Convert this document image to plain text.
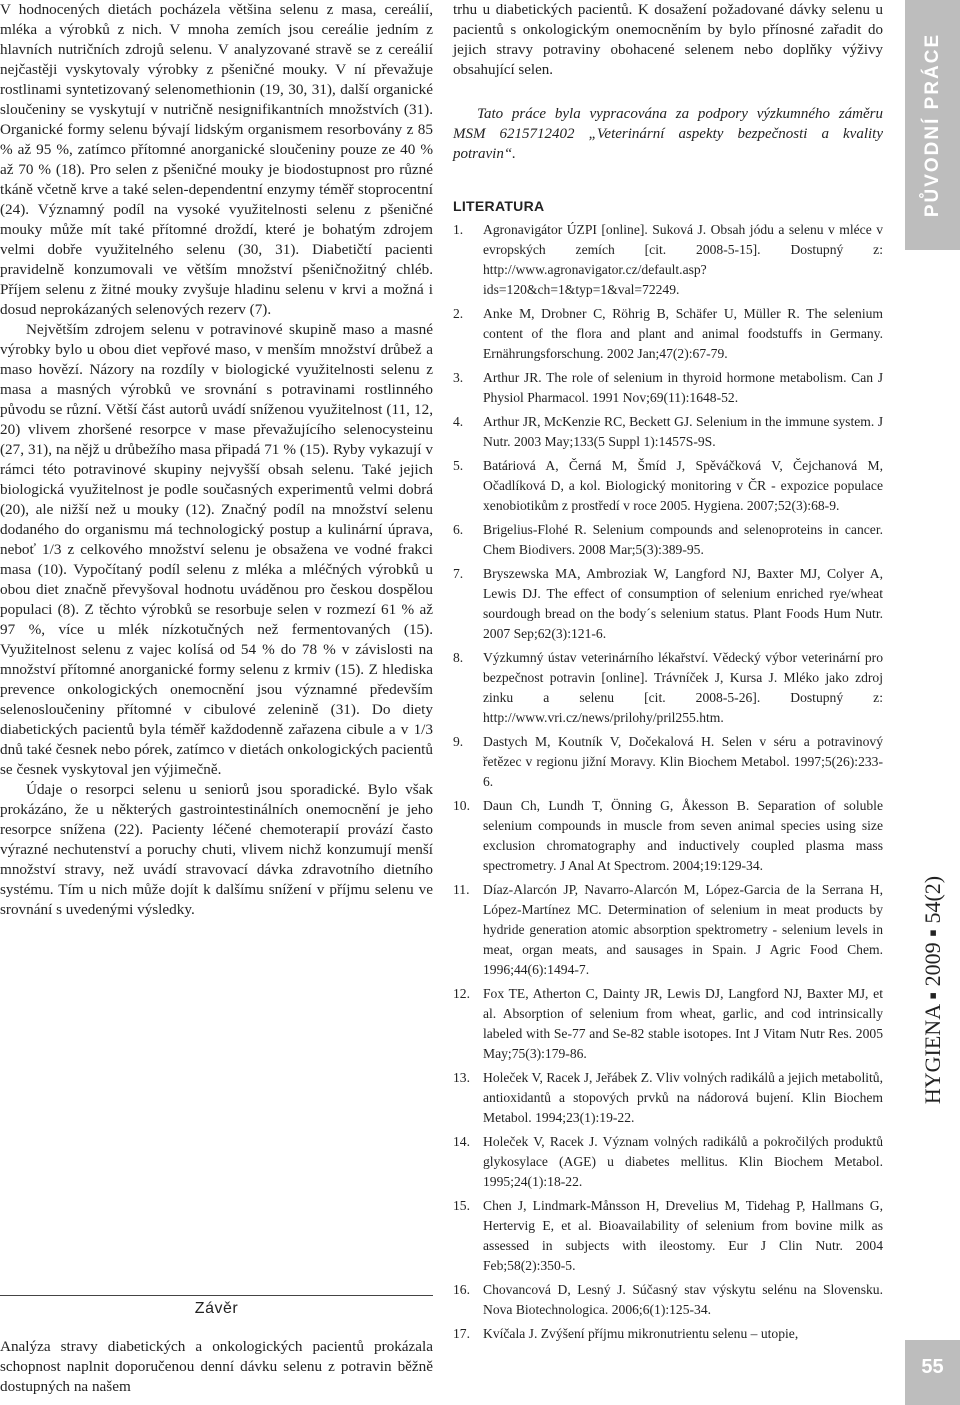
V hodnocených dietách pocházela většina selenu z masa, cereálií, mléka a výrobků z nich. V mnoha zemích jsou cereálie jedním z hlavních nutričních zdrojů selenu. V analyzované stravě se z cereálií nejčastěji vyskytovaly výrobky z pšeničné mouky. V ní převažuje rostlinami syntetizovaný selenomethionin (19, 30, 31), další organické sloučeniny se vyskytují v nutričně nesignifikantních množstvích (31). Organické formy selenu bývají lidským organismem resorbovány z 85 % až 95 %, zatímco přítomné anorganické sloučeniny pouze ze 40 % až 70 % (18). Pro selen z pšeničné mouky je biodostupnost pro různé tkáně včetně krve a také selen-dependentní enzymy téměř stoprocentní (24). Významný podíl na vysoké využitelnosti selenu z pšeničné mouky může mít také přítomné droždí, které je bohatým zdrojem velmi dobře využitelného selenu (30, 31). Diabetičtí pacienti pravidelně konzumovali ve větším množství pšeničnožitný chléb. Příjem selenu z žitné mouky zvyšuje hladinu selenu v krvi a možná i dosud neprokázaných selenových rezerv (7).

Největším zdrojem selenu v potravinové skupině maso a masné výrobky bylo u obou diet vepřové maso, v menším množství drůbež a maso hovězí. Názory na rozdíly v biologické využitelnosti selenu z masa a masných výrobků ve srovnání s potravinami rostlinného původu se různí. Větší část autorů uvádí sníženou využitelnost (11, 12, 20) vlivem zhoršené resorpce v mase převažujícího selenocysteinu (27, 31), na nějž u drůbežího masa připadá 71 % (15). Ryby vykazují v rámci této potravinové skupiny nejvyšší obsah selenu. Také jejich biologická využitelnost je podle současných experimentů velmi dobrá (20), ale nižší než u mouky (12). Značný podíl na množství selenu dodaného do organismu má technologický postup a kulinární úprava, neboť 1/3 z celkového množství selenu je obsažena ve vodné frakci masa (10). Vypočítaný podíl selenu z mléka a mléčných výrobků u obou diet značně převyšoval hodnotu uváděnou pro českou dospělou populaci (8). Z těchto výrobků se resorbuje selen v rozmezí 61 % až 97 %, více u mlék nízkotučných než fermentovaných (15). Využitelnost selenu z vajec kolísá od 54 % do 78 % v závislosti na množství přítomné anorganické formy selenu z krmiv (15). Z hlediska prevence onkologických onemocnění jsou významné především selenosloučeniny přítomné v cibulové zelenině (31). Do diety diabetických pacientů byla téměř každodenně zařazena cibule a v 1/3 dnů také česnek nebo pórek, zatímco v dietách onkologických pacientů se česnek vyskytoval jen výjimečně.

Údaje o resorpci selenu u seniorů jsou sporadické. Bylo však prokázáno, že u některých gastrointestinálních onemocnění je jeho resorpce snížena (22). Pacienty léčené chemoterapií provází často výrazné nechutenství a poruchy chuti, vlivem nichž konzumují menší množství stravy, než uvádí stravovací dávka zdravotního dietního systému. Tím u nich může dojít k dalšímu snížení v příjmu selenu ve srovnání s uvedenými výsledky.

Závěr
Analýza stravy diabetických a onkologických pacientů prokázala schopnost naplnit doporučenou denní dávku selenu z potravin běžně dostupných na našem

trhu u diabetických pacientů. K dosažení požadované dávky selenu u pacientů s onkologickým onemocněním by bylo přínosné zařadit do jejich stravy potraviny obohacené selenem nebo doplňky výživy obsahující selen.

Tato práce byla vypracována za podpory výzkumného záměru MSM 6215712402 „Veterinární aspekty bezpečnosti a kvality potravin“.

LITERATURA
1. Agronavigátor ÚZPI [online]. Suková J. Obsah jódu a selenu v mléce v evropských zemích [cit. 2008-5-15]. Dostupný z: http://www.agronavigator.cz/default.asp?ids=120&ch=1&typ=1&val=72249.
2. Anke M, Drobner C, Röhrig B, Schäfer U, Müller R. The selenium content of the flora and plant and animal foodstuffs in Germany. Ernährungsforschung. 2002 Jan;47(2):67-79.
3. Arthur JR. The role of selenium in thyroid hormone metabolism. Can J Physiol Pharmacol. 1991 Nov;69(11):1648-52.
4. Arthur JR, McKenzie RC, Beckett GJ. Selenium in the immune system. J Nutr. 2003 May;133(5 Suppl 1):1457S-9S.
5. Batáriová A, Černá M, Šmíd J, Spěváčková V, Čejchanová M, Očadlíková D, a kol. Biologický monitoring v ČR - expozice populace xenobiotikům z prostředí v roce 2005. Hygiena. 2007;52(3):68-9.
6. Brigelius-Flohé R. Selenium compounds and selenoproteins in cancer. Chem Biodivers. 2008 Mar;5(3):389-95.
7. Bryszewska MA, Ambroziak W, Langford NJ, Baxter MJ, Colyer A, Lewis DJ. The effect of consumption of selenium enriched rye/wheat sourdough bread on the body´s selenium status. Plant Foods Hum Nutr. 2007 Sep;62(3):121-6.
8. Výzkumný ústav veterinárního lékařství. Vědecký výbor veterinární pro bezpečnost potravin [online]. Trávníček J, Kursa J. Mléko jako zdroj zinku a selenu [cit. 2008-5-26]. Dostupný z: http://www.vri.cz/news/prilohy/pril255.htm.
9. Dastych M, Koutník V, Dočekalová H. Selen v séru a potravinový řetězec v regionu jižní Moravy. Klin Biochem Metabol. 1997;5(26):233-6.
10. Daun Ch, Lundh T, Önning G, Åkesson B. Separation of soluble selenium compounds in muscle from seven animal species using size exclusion chromatography and inductively coupled plasma mass spectrometry. J Anal At Spectrom. 2004;19:129-34.
11. Díaz-Alarcón JP, Navarro-Alarcón M, López-Garcia de la Serrana H, López-Martínez MC. Determination of selenium in meat products by hydride generation atomic absorption spektrometry - selenium levels in meat, organ meats, and sausages in Spain. J Agric Food Chem. 1996;44(6):1494-7.
12. Fox TE, Atherton C, Dainty JR, Lewis DJ, Langford NJ, Baxter MJ, et al. Absorption of selenium from wheat, garlic, and cod intrinsically labeled with Se-77 and Se-82 stable isotopes. Int J Vitam Nutr Res. 2005 May;75(3):179-86.
13. Holeček V, Racek J, Jeřábek Z. Vliv volných radikálů a jejich metabolitů, antioxidantů a stopových prvků na nádorová bujení. Klin Biochem Metabol. 1994;23(1):19-22.
14. Holeček V, Racek J. Význam volných radikálů a pokročilých produktů glykosylace (AGE) u diabetes mellitus. Klin Biochem Metabol. 1995;24(1):18-22.
15. Chen J, Lindmark-Månsson H, Drevelius M, Tidehag P, Hallmans G, Hertervig E, et al. Bioavailability of selenium from bovine milk as assessed in subjects with ileostomy. Eur J Clin Nutr. 2004 Feb;58(2):350-5.
16. Chovancová D, Lesný J. Súčasný stav výskytu selénu na Slovensku. Nova Biotechnologica. 2006;6(1):125-34.
17. Kvíčala J. Zvýšení příjmu mikronutrientu selenu – utopie,
PŮVODNÍ PRÁCE
HYGIENA ▪ 2009 ▪ 54(2)
55
